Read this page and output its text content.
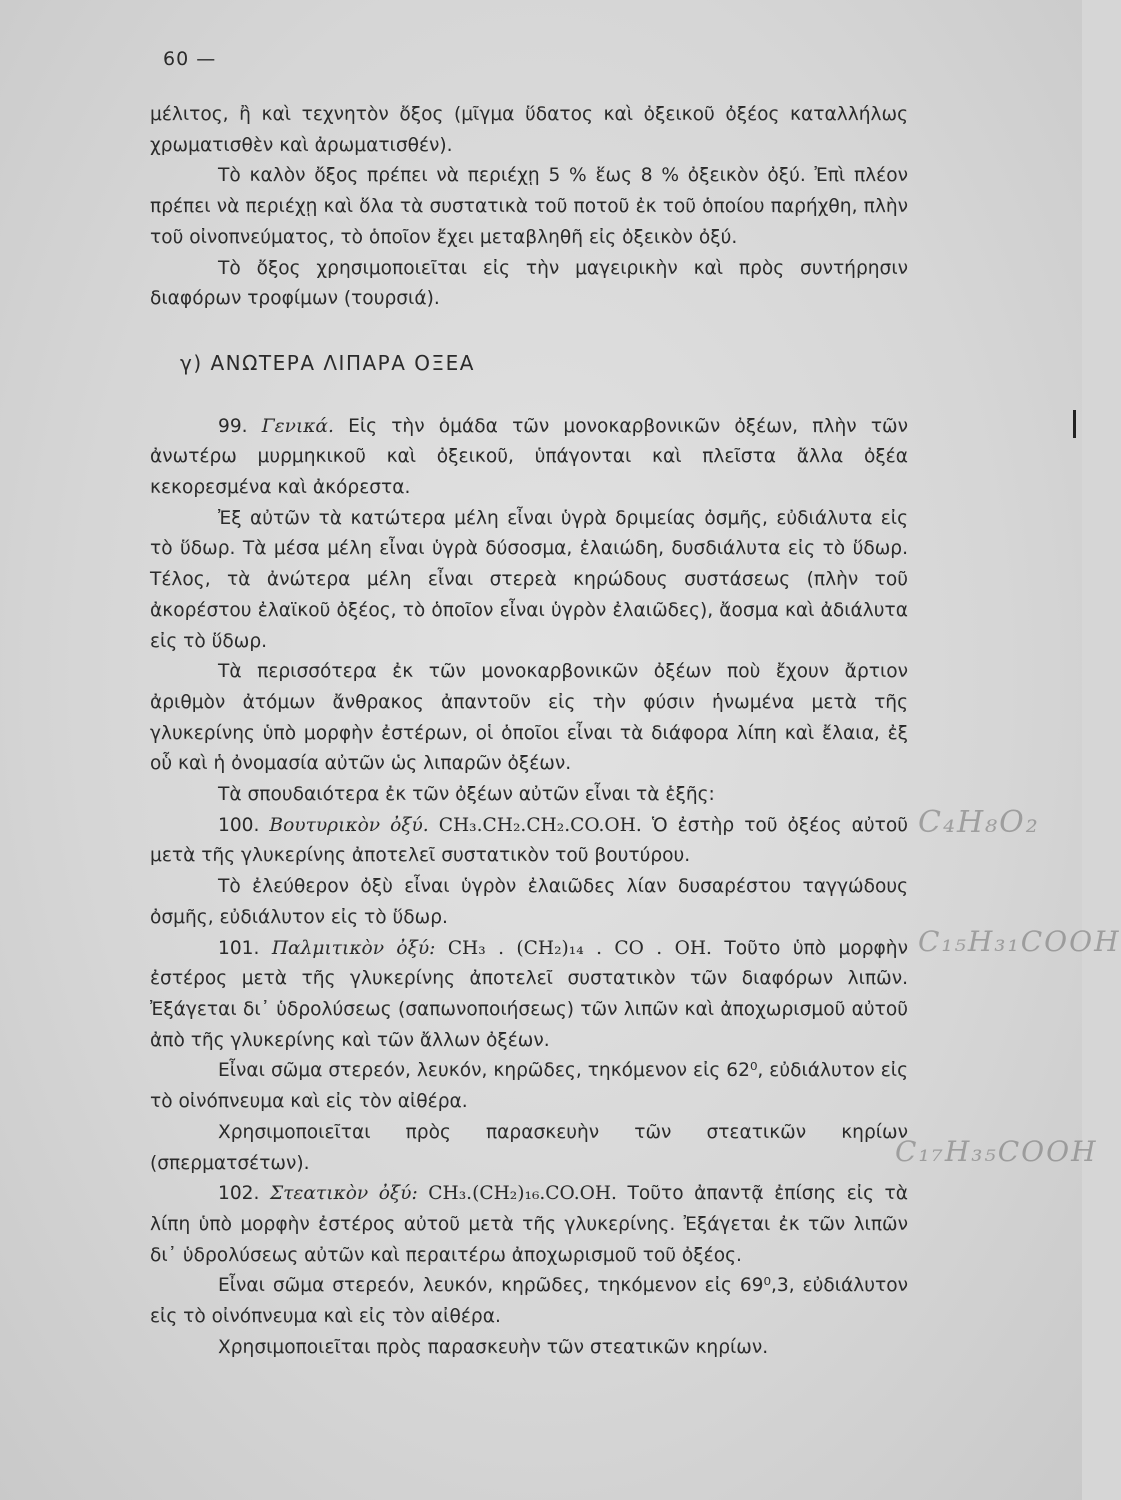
60 —

μέλιτος, ἢ καὶ τεχνητὸν ὄξος (μῖγμα ὕδατος καὶ ὀξεικοῦ ὀξέος καταλλήλως χρωματισθὲν καὶ ἀρωματισθέν).

Τὸ καλὸν ὄξος πρέπει νὰ περιέχῃ 5 % ἕως 8 % ὀξεικὸν ὀξύ. Ἐπὶ πλέον πρέπει νὰ περιέχῃ καὶ ὅλα τὰ συστατικὰ τοῦ ποτοῦ ἐκ τοῦ ὁποίου παρήχθη, πλὴν τοῦ οἰνοπνεύματος, τὸ ὁποῖον ἔχει μεταβληθῆ εἰς ὀξεικὸν ὀξύ.

Τὸ ὄξος χρησιμοποιεῖται εἰς τὴν μαγειρικὴν καὶ πρὸς συντήρησιν διαφόρων τροφίμων (τουρσιά).

γ) ΑΝΩΤΕΡΑ ΛΙΠΑΡΑ ΟΞΕΑ

99. Γενικά. Εἰς τὴν ὁμάδα τῶν μονοκαρβονικῶν ὀξέων, πλὴν τῶν ἀνωτέρω μυρμηκικοῦ καὶ ὀξεικοῦ, ὑπάγονται καὶ πλεῖστα ἄλλα ὀξέα κεκορεσμένα καὶ ἀκόρεστα.

Ἐξ αὐτῶν τὰ κατώτερα μέλη εἶναι ὑγρὰ δριμείας ὀσμῆς, εὐδιάλυτα εἰς τὸ ὕδωρ. Τὰ μέσα μέλη εἶναι ὑγρὰ δύσοσμα, ἐλαιώδη, δυσδιάλυτα εἰς τὸ ὕδωρ. Τέλος, τὰ ἀνώτερα μέλη εἶναι στερεὰ κηρώδους συστάσεως (πλὴν τοῦ ἀκορέστου ἐλαϊκοῦ ὀξέος, τὸ ὁποῖον εἶναι ὑγρὸν ἐλαιῶδες), ἄοσμα καὶ ἀδιάλυτα εἰς τὸ ὕδωρ.

Τὰ περισσότερα ἐκ τῶν μονοκαρβονικῶν ὀξέων ποὺ ἔχουν ἄρτιον ἀριθμὸν ἀτόμων ἄνθρακος ἀπαντοῦν εἰς τὴν φύσιν ἡνωμένα μετὰ τῆς γλυκερίνης ὑπὸ μορφὴν ἐστέρων, οἱ ὁποῖοι εἶναι τὰ διάφορα λίπη καὶ ἔλαια, ἐξ οὗ καὶ ἡ ὀνομασία αὐτῶν ὡς λιπαρῶν ὀξέων.

Τὰ σπουδαιότερα ἐκ τῶν ὀξέων αὐτῶν εἶναι τὰ ἑξῆς:

100. Βουτυρικὸν ὀξύ. CH₃.CH₂.CH₂.CO.OH. Ὁ ἐστὴρ τοῦ ὀξέος αὐτοῦ μετὰ τῆς γλυκερίνης ἀποτελεῖ συστατικὸν τοῦ βουτύρου.

Τὸ ἐλεύθερον ὀξὺ εἶναι ὑγρὸν ἐλαιῶδες λίαν δυσαρέστου ταγγώδους ὀσμῆς, εὐδιάλυτον εἰς τὸ ὕδωρ.

101. Παλμιτικὸν ὀξύ: CH₃ . (CH₂)₁₄ . CO . OH. Τοῦτο ὑπὸ μορφὴν ἐστέρος μετὰ τῆς γλυκερίνης ἀποτελεῖ συστατικὸν τῶν διαφόρων λιπῶν. Ἐξάγεται δι᾿ ὑδρολύσεως (σαπωνοποιήσεως) τῶν λιπῶν καὶ ἀποχωρισμοῦ αὐτοῦ ἀπὸ τῆς γλυκερίνης καὶ τῶν ἄλλων ὀξέων.

Εἶναι σῶμα στερεόν, λευκόν, κηρῶδες, τηκόμενον εἰς 62⁰, εὐδιάλυτον εἰς τὸ οἰνόπνευμα καὶ εἰς τὸν αἰθέρα.

Χρησιμοποιεῖται πρὸς παρασκευὴν τῶν στεατικῶν κηρίων (σπερματσέτων).

102. Στεατικὸν ὀξύ: CH₃.(CH₂)₁₆.CO.OH. Τοῦτο ἀπαντᾷ ἐπίσης εἰς τὰ λίπη ὑπὸ μορφὴν ἐστέρος αὐτοῦ μετὰ τῆς γλυκερίνης. Ἐξάγεται ἐκ τῶν λιπῶν δι᾿ ὑδρολύσεως αὐτῶν καὶ περαιτέρω ἀποχωρισμοῦ τοῦ ὀξέος.

Εἶναι σῶμα στερεόν, λευκόν, κηρῶδες, τηκόμενον εἰς 69⁰,3, εὐδιάλυτον εἰς τὸ οἰνόπνευμα καὶ εἰς τὸν αἰθέρα.

Χρησιμοποιεῖται πρὸς παρασκευὴν τῶν στεατικῶν κηρίων.

C₄H₈O₂
C₁₅H₃₁COOH
C₁₇H₃₅COOH
